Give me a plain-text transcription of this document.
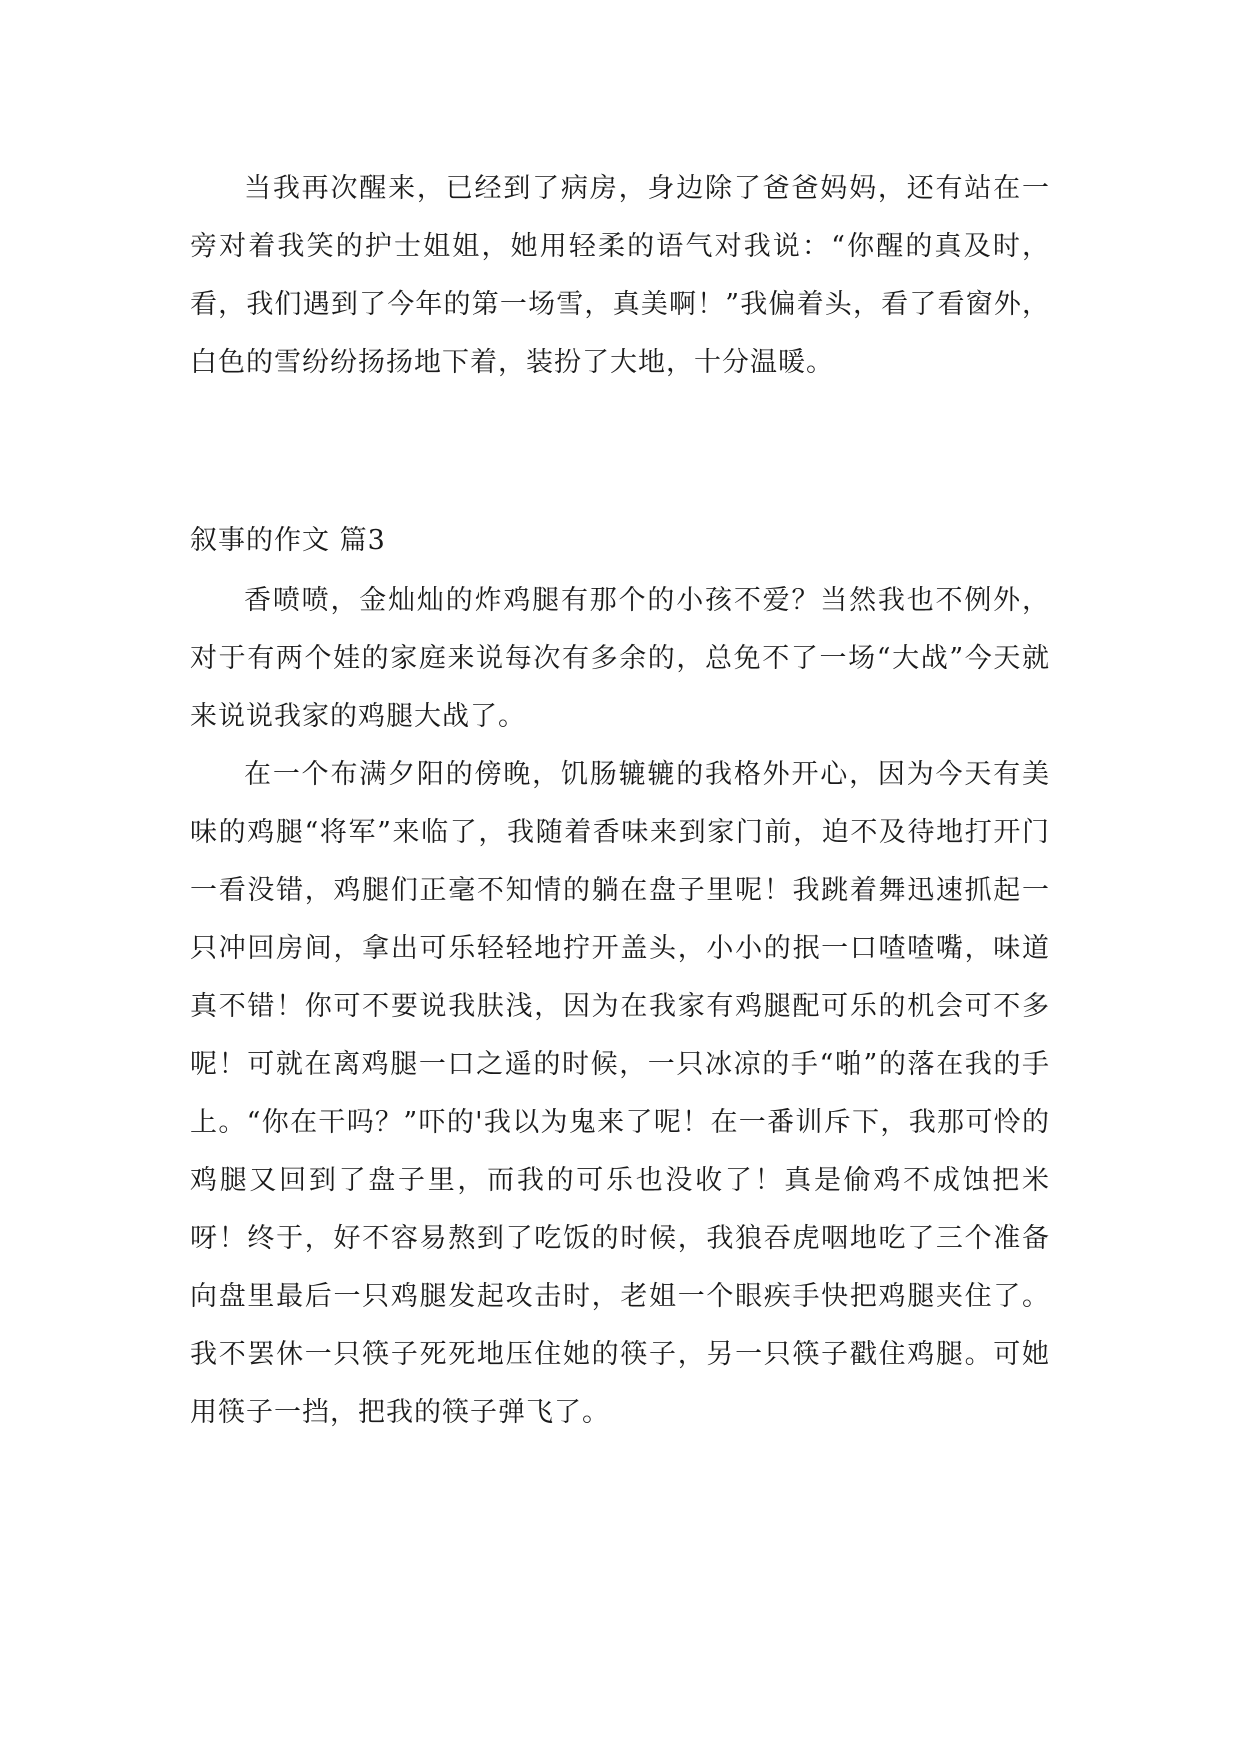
当我再次醒来，已经到了病房，身边除了爸爸妈妈，还有站在一旁对着我笑的护士姐姐，她用轻柔的语气对我说：“你醒的真及时，看，我们遇到了今年的第一场雪，真美啊！”我偏着头，看了看窗外，白色的雪纷纷扬扬地下着，装扮了大地，十分温暖。

叙事的作文 篇3

香喷喷，金灿灿的炸鸡腿有那个的小孩不爱？当然我也不例外，对于有两个娃的家庭来说每次有多余的，总免不了一场“大战”今天就来说说我家的鸡腿大战了。

在一个布满夕阳的傍晚，饥肠辘辘的我格外开心，因为今天有美味的鸡腿“将军”来临了，我随着香味来到家门前，迫不及待地打开门一看没错，鸡腿们正毫不知情的躺在盘子里呢！我跳着舞迅速抓起一只冲回房间，拿出可乐轻轻地拧开盖头，小小的抿一口喳喳嘴，味道真不错！你可不要说我肤浅，因为在我家有鸡腿配可乐的机会可不多呢！可就在离鸡腿一口之遥的时候，一只冰凉的手“啪”的落在我的手上。“你在干吗？”吓的'我以为鬼来了呢！在一番训斥下，我那可怜的鸡腿又回到了盘子里，而我的可乐也没收了！真是偷鸡不成蚀把米呀！终于，好不容易熬到了吃饭的时候，我狼吞虎咽地吃了三个准备向盘里最后一只鸡腿发起攻击时，老姐一个眼疾手快把鸡腿夹住了。我不罢休一只筷子死死地压住她的筷子，另一只筷子戳住鸡腿。可她用筷子一挡，把我的筷子弹飞了。
